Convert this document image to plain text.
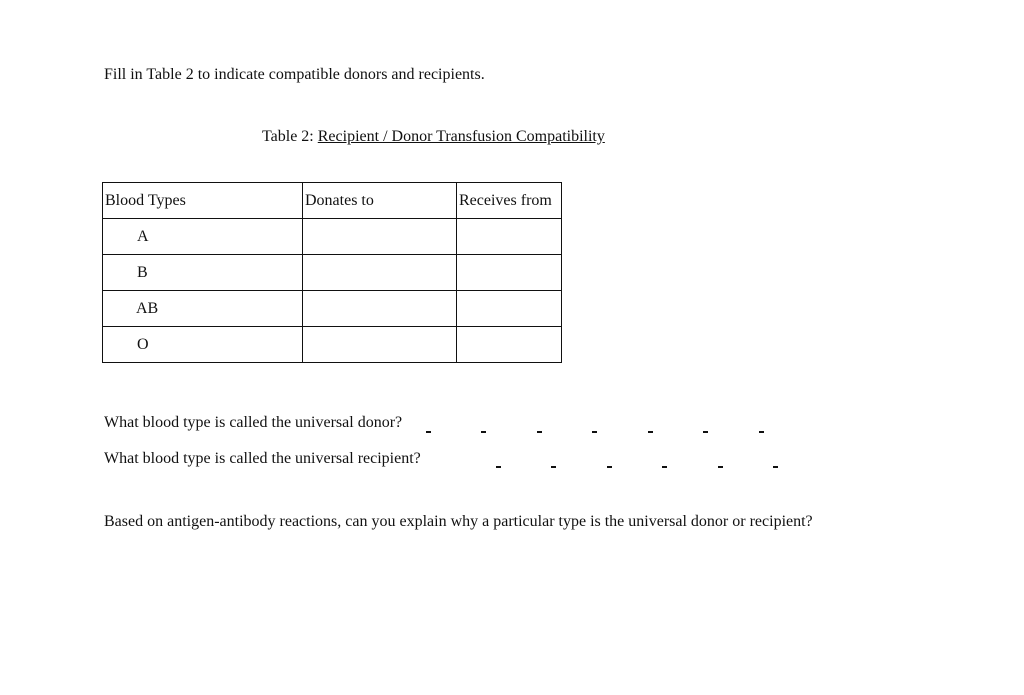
Fill in Table 2 to indicate compatible donors and recipients.
Table 2: Recipient / Donor Transfusion Compatibility
Blood Types	Donates to	Receives from
A		
B		
AB		
O		
What blood type is called the universal donor?
What blood type is called the universal recipient?
Based on antigen-antibody reactions, can you explain why a particular type is the universal donor or recipient?
